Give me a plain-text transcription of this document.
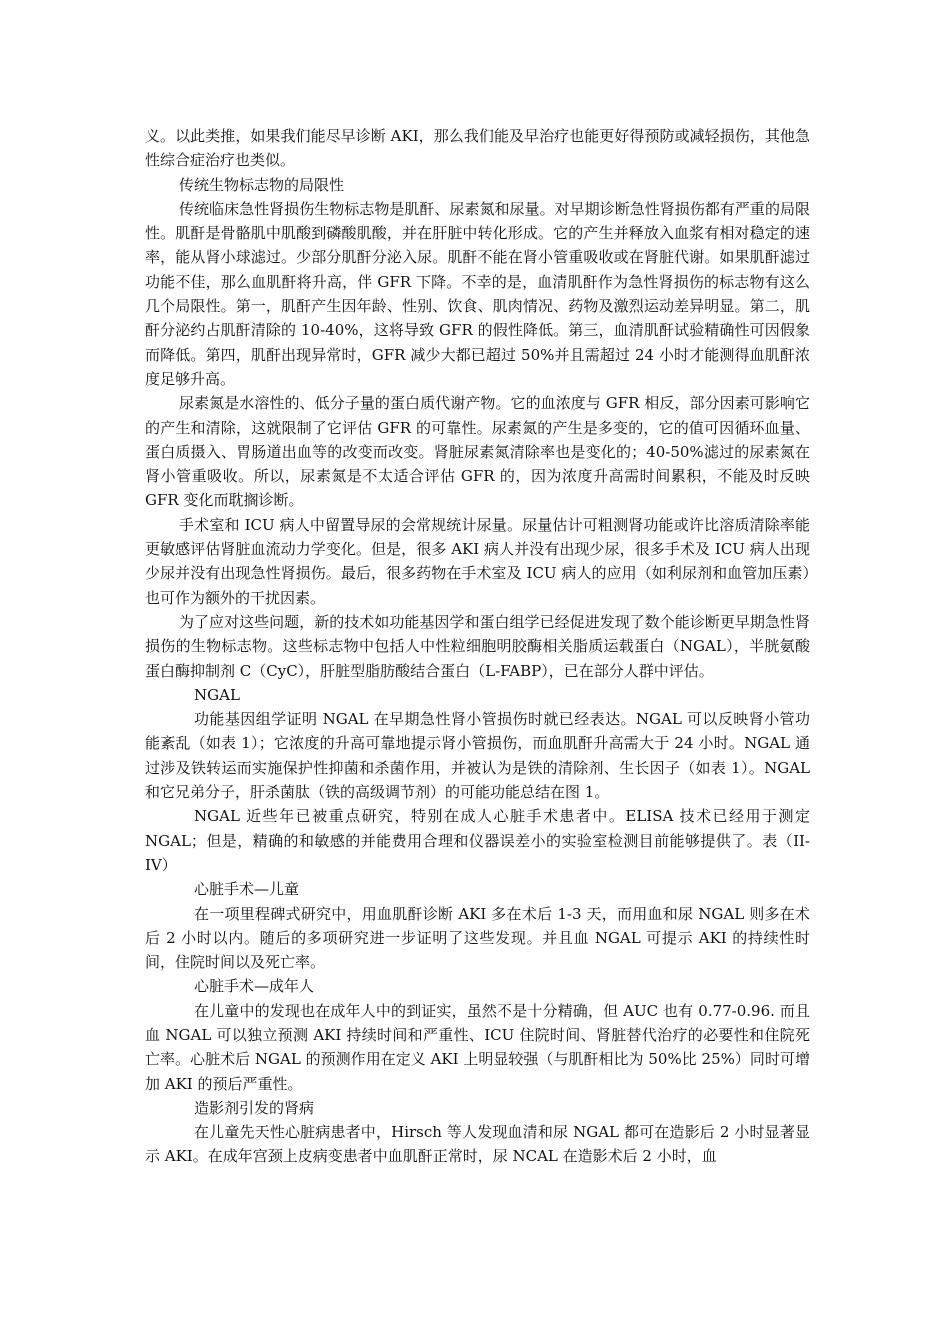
义。以此类推，如果我们能尽早诊断 AKI，那么我们能及早治疗也能更好得预防或减轻损伤，其他急性综合症治疗也类似。

传统生物标志物的局限性

传统临床急性肾损伤生物标志物是肌酐、尿素氮和尿量。对早期诊断急性肾损伤都有严重的局限性。肌酐是骨骼肌中肌酸到磷酸肌酸，并在肝脏中转化形成。它的产生并释放入血浆有相对稳定的速率，能从肾小球滤过。少部分肌酐分泌入尿。肌酐不能在肾小管重吸收或在肾脏代谢。如果肌酐滤过功能不佳，那么血肌酐将升高，伴 GFR 下降。不幸的是，血清肌酐作为急性肾损伤的标志物有这么几个局限性。第一，肌酐产生因年龄、性别、饮食、肌肉情况、药物及激烈运动差异明显。第二，肌酐分泌约占肌酐清除的 10-40%，这将导致 GFR 的假性降低。第三，血清肌酐试验精确性可因假象而降低。第四，肌酐出现异常时，GFR 减少大都已超过 50%并且需超过 24 小时才能测得血肌酐浓度足够升高。

尿素氮是水溶性的、低分子量的蛋白质代谢产物。它的血浓度与 GFR 相反，部分因素可影响它的产生和清除，这就限制了它评估 GFR 的可靠性。尿素氮的产生是多变的，它的值可因循环血量、蛋白质摄入、胃肠道出血等的改变而改变。肾脏尿素氮清除率也是变化的；40-50%滤过的尿素氮在肾小管重吸收。所以，尿素氮是不太适合评估 GFR 的，因为浓度升高需时间累积，不能及时反映 GFR 变化而耽搁诊断。

手术室和 ICU 病人中留置导尿的会常规统计尿量。尿量估计可粗测肾功能或许比溶质清除率能更敏感评估肾脏血流动力学变化。但是，很多 AKI 病人并没有出现少尿，很多手术及 ICU 病人出现少尿并没有出现急性肾损伤。最后，很多药物在手术室及 ICU 病人的应用（如利尿剂和血管加压素）也可作为额外的干扰因素。

为了应对这些问题，新的技术如功能基因学和蛋白组学已经促进发现了数个能诊断更早期急性肾损伤的生物标志物。这些标志物中包括人中性粒细胞明胶酶相关脂质运载蛋白（NGAL），半胱氨酸蛋白酶抑制剂 C（CyC），肝脏型脂肪酸结合蛋白（L-FABP），已在部分人群中评估。

NGAL

功能基因组学证明 NGAL 在早期急性肾小管损伤时就已经表达。NGAL 可以反映肾小管功能紊乱（如表 1）；它浓度的升高可靠地提示肾小管损伤，而血肌酐升高需大于 24 小时。NGAL 通过涉及铁转运而实施保护性抑菌和杀菌作用，并被认为是铁的清除剂、生长因子（如表 1）。NGAL 和它兄弟分子，肝杀菌肽（铁的高级调节剂）的可能功能总结在图 1。

NGAL 近些年已被重点研究，特别在成人心脏手术患者中。ELISA 技术已经用于测定 NGAL；但是，精确的和敏感的并能费用合理和仪器误差小的实验室检测目前能够提供了。表（II-IV）

心脏手术—儿童

在一项里程碑式研究中，用血肌酐诊断 AKI 多在术后 1-3 天，而用血和尿 NGAL 则多在术后 2 小时以内。随后的多项研究进一步证明了这些发现。并且血 NGAL 可提示 AKI 的持续性时间，住院时间以及死亡率。

心脏手术—成年人

在儿童中的发现也在成年人中的到证实，虽然不是十分精确，但 AUC 也有 0.77-0.96. 而且血 NGAL 可以独立预测 AKI 持续时间和严重性、ICU 住院时间、肾脏替代治疗的必要性和住院死亡率。心脏术后 NGAL 的预测作用在定义 AKI 上明显较强（与肌酐相比为 50%比 25%）同时可增加 AKI 的预后严重性。

造影剂引发的肾病

在儿童先天性心脏病患者中，Hirsch 等人发现血清和尿 NGAL 都可在造影后 2 小时显著显示 AKI。在成年宫颈上皮病变患者中血肌酐正常时，尿 NCAL 在造影术后 2 小时，血
